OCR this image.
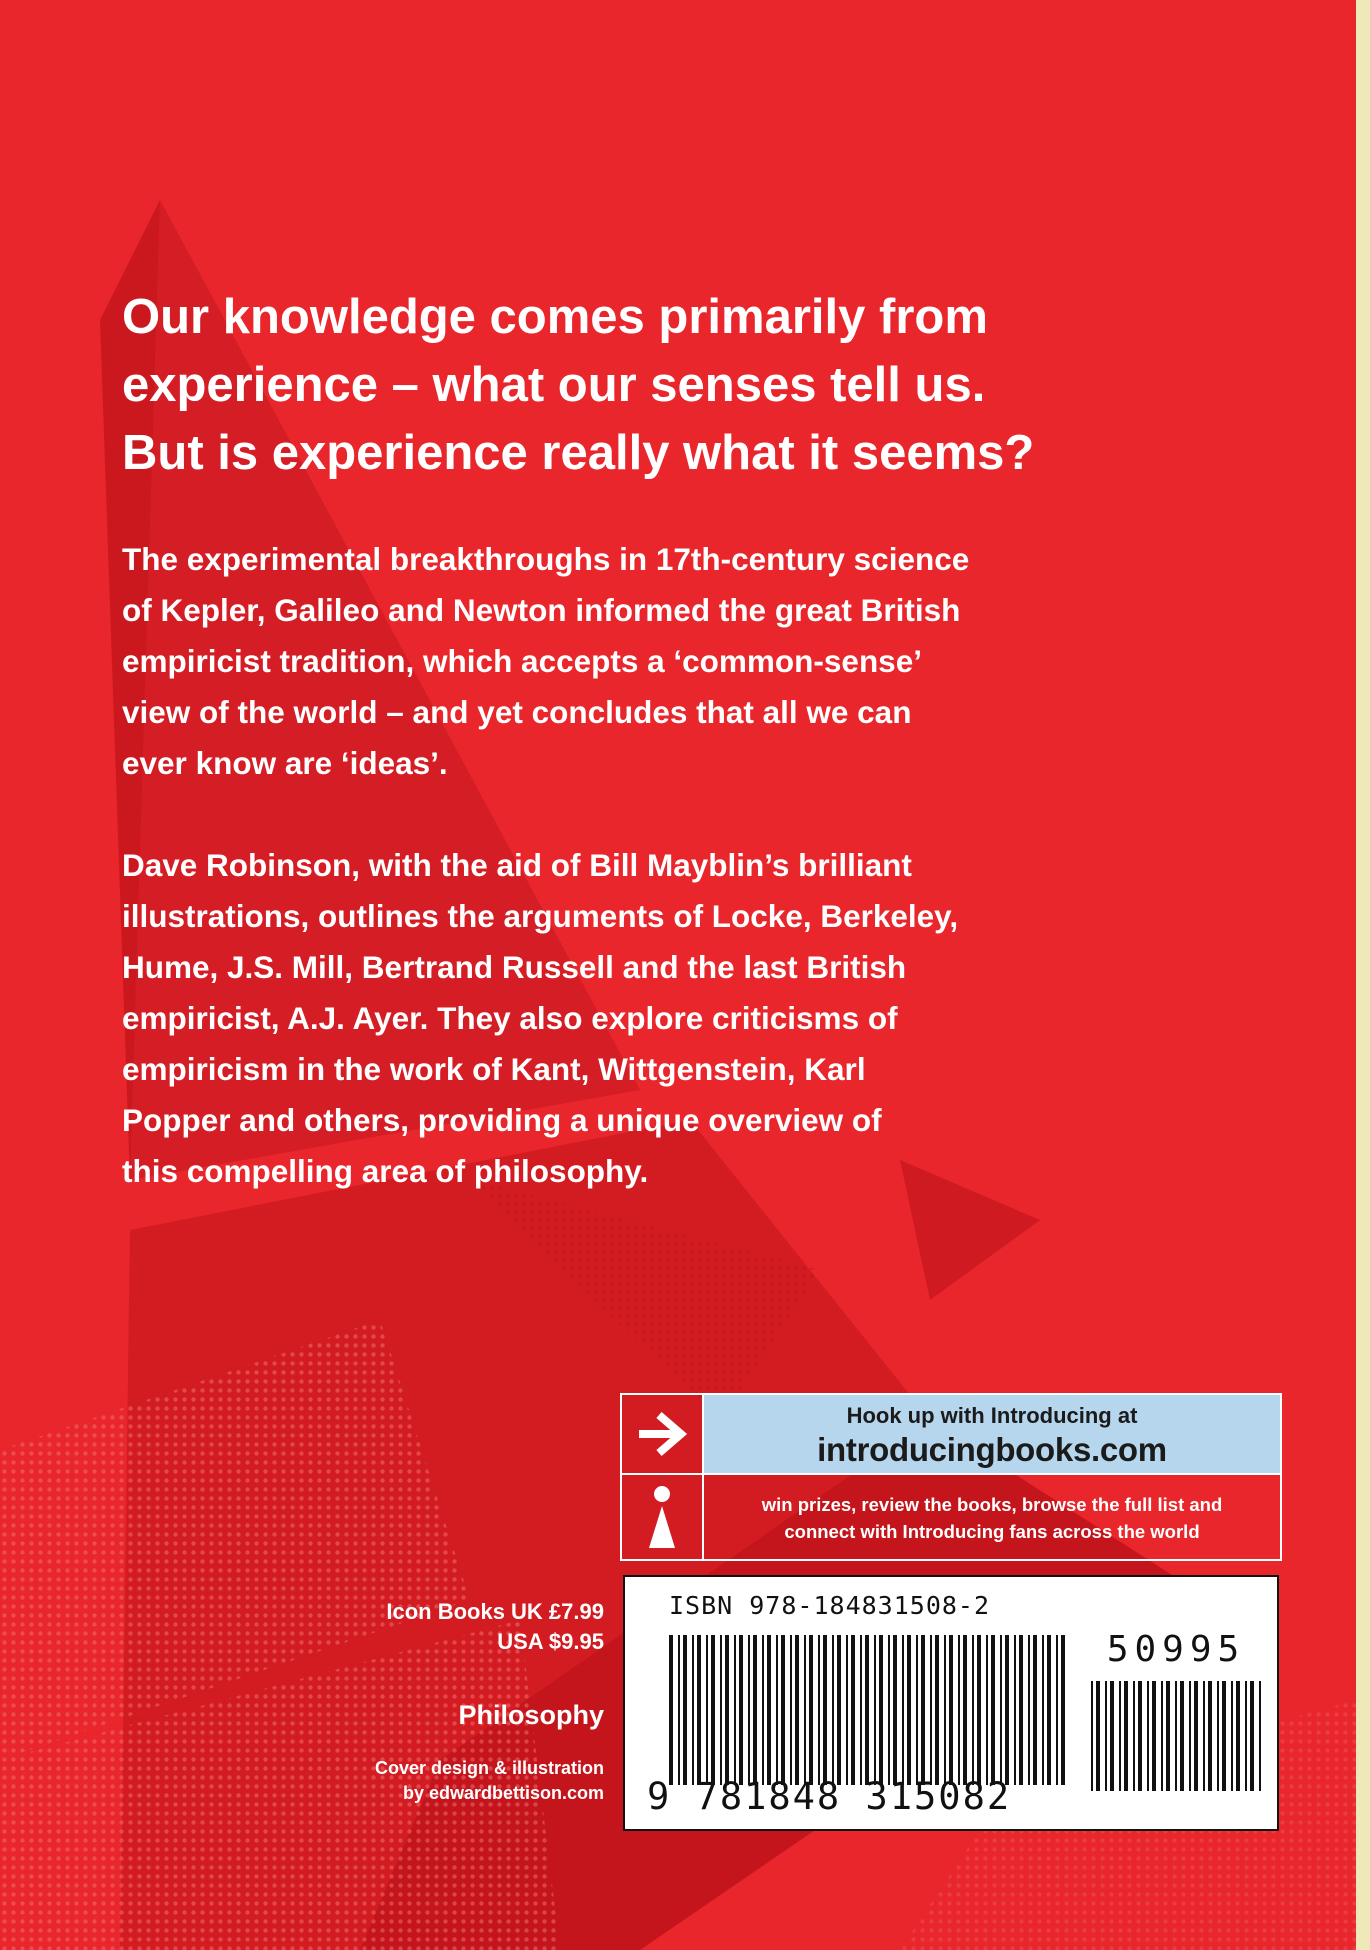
Our knowledge comes primarily from
experience – what our senses tell us.
But is experience really what it seems?

The experimental breakthroughs in 17th-century science
of Kepler, Galileo and Newton informed the great British
empiricist tradition, which accepts a ‘common-sense’
view of the world – and yet concludes that all we can
ever know are ‘ideas’.

Dave Robinson, with the aid of Bill Mayblin’s brilliant
illustrations, outlines the arguments of Locke, Berkeley,
Hume, J.S. Mill, Bertrand Russell and the last British
empiricist, A.J. Ayer. They also explore criticisms of
empiricism in the work of Kant, Wittgenstein, Karl
Popper and others, providing a unique overview of
this compelling area of philosophy.

Hook up with Introducing at
introducingbooks.com
win prizes, review the books, browse the full list and
connect with Introducing fans across the world
Icon Books UK £7.99
USA $9.95
Philosophy
Cover design & illustration
by edwardbettison.com
ISBN 978-184831508-2
50995
9 781848 315082
